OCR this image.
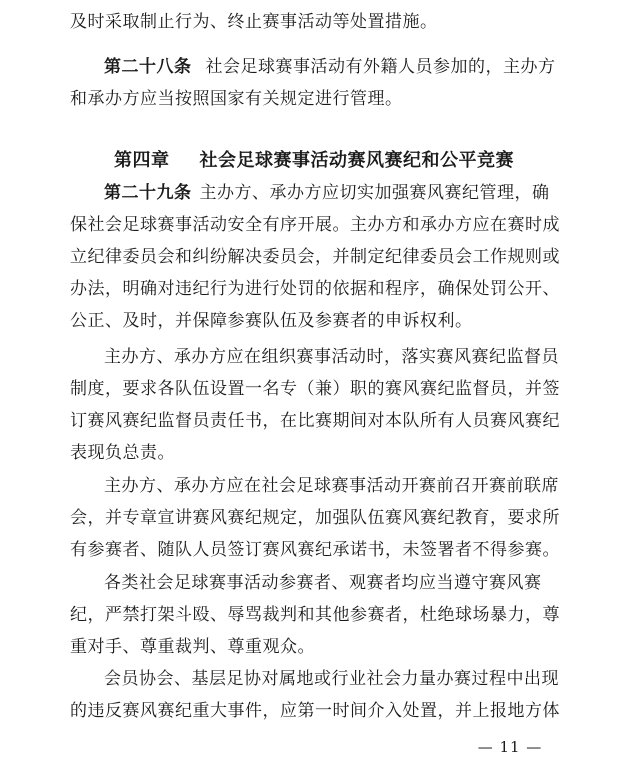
及时采取制止行为、终止赛事活动等处置措施。
第二十八条 社会足球赛事活动有外籍人员参加的，主办方
和承办方应当按照国家有关规定进行管理。
第四章 社会足球赛事活动赛风赛纪和公平竞赛
第二十九条 主办方、承办方应切实加强赛风赛纪管理，确
保社会足球赛事活动安全有序开展。主办方和承办方应在赛时成
立纪律委员会和纠纷解决委员会，并制定纪律委员会工作规则或
办法，明确对违纪行为进行处罚的依据和程序，确保处罚公开、
公正、及时，并保障参赛队伍及参赛者的申诉权利。
主办方、承办方应在组织赛事活动时，落实赛风赛纪监督员
制度，要求各队伍设置一名专（兼）职的赛风赛纪监督员，并签
订赛风赛纪监督员责任书，在比赛期间对本队所有人员赛风赛纪
表现负总责。
主办方、承办方应在社会足球赛事活动开赛前召开赛前联席
会，并专章宣讲赛风赛纪规定，加强队伍赛风赛纪教育，要求所
有参赛者、随队人员签订赛风赛纪承诺书，未签署者不得参赛。
各类社会足球赛事活动参赛者、观赛者均应当遵守赛风赛
纪，严禁打架斗殴、辱骂裁判和其他参赛者，杜绝球场暴力，尊
重对手、尊重裁判、尊重观众。
会员协会、基层足协对属地或行业社会力量办赛过程中出现
的违反赛风赛纪重大事件，应第一时间介入处置，并上报地方体
— 11 —
